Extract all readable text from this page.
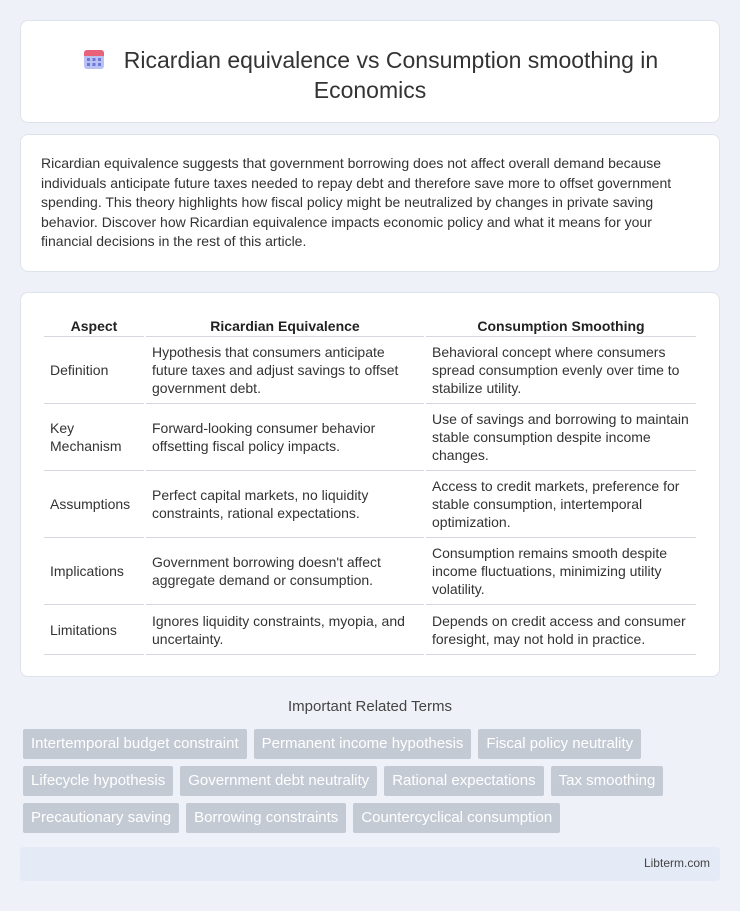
Ricardian equivalence vs Consumption smoothing in
Economics

Ricardian equivalence suggests that government borrowing does not affect overall demand because individuals anticipate future taxes needed to repay debt and therefore save more to offset government spending. This theory highlights how fiscal policy might be neutralized by changes in private saving behavior. Discover how Ricardian equivalence impacts economic policy and what it means for your financial decisions in the rest of this article.

Aspect	Ricardian Equivalence	Consumption Smoothing
Definition	Hypothesis that consumers anticipate future taxes and adjust savings to offset government debt.	Behavioral concept where consumers spread consumption evenly over time to stabilize utility.
Key Mechanism	Forward-looking consumer behavior offsetting fiscal policy impacts.	Use of savings and borrowing to maintain stable consumption despite income changes.
Assumptions	Perfect capital markets, no liquidity constraints, rational expectations.	Access to credit markets, preference for stable consumption, intertemporal optimization.
Implications	Government borrowing doesn't affect aggregate demand or consumption.	Consumption remains smooth despite income fluctuations, minimizing utility volatility.
Limitations	Ignores liquidity constraints, myopia, and uncertainty.	Depends on credit access and consumer foresight, may not hold in practice.
Important Related Terms
Intertemporal budget constraint	Permanent income hypothesis	Fiscal policy neutrality
Lifecycle hypothesis	Government debt neutrality	Rational expectations	Tax smoothing
Precautionary saving	Borrowing constraints	Countercyclical consumption
Libterm.com
